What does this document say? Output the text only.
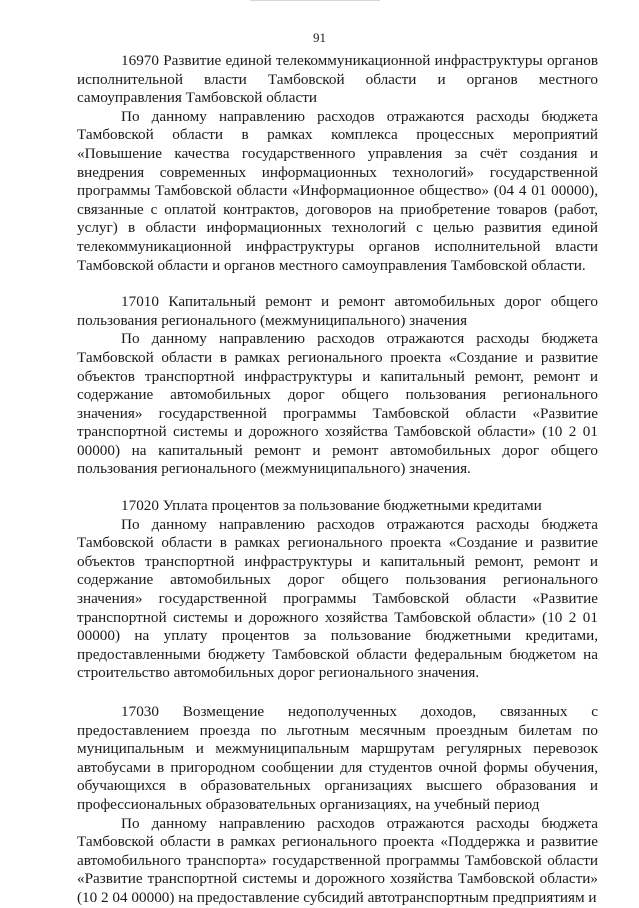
91

16970 Развитие единой телекоммуникационной инфраструктуры органов исполнительной власти Тамбовской области и органов местного самоуправления Тамбовской области

По данному направлению расходов отражаются расходы бюджета Тамбовской области в рамках комплекса процессных мероприятий «Повышение качества государственного управления за счёт создания и внедрения современных информационных технологий» государственной программы Тамбовской области «Информационное общество» (04 4 01 00000), связанные с оплатой контрактов, договоров на приобретение товаров (работ, услуг) в области информационных технологий с целью развития единой телекоммуникационной инфраструктуры органов исполнительной власти Тамбовской области и органов местного самоуправления Тамбовской области.

17010 Капитальный ремонт и ремонт автомобильных дорог общего пользования регионального (межмуниципального) значения

По данному направлению расходов отражаются расходы бюджета Тамбовской области в рамках регионального проекта «Создание и развитие объектов транспортной инфраструктуры и капитальный ремонт, ремонт и содержание автомобильных дорог общего пользования регионального значения» государственной программы Тамбовской области «Развитие транспортной системы и дорожного хозяйства Тамбовской области» (10 2 01 00000) на капитальный ремонт и ремонт автомобильных дорог общего пользования регионального (межмуниципального) значения.

17020 Уплата процентов за пользование бюджетными кредитами

По данному направлению расходов отражаются расходы бюджета Тамбовской области в рамках регионального проекта «Создание и развитие объектов транспортной инфраструктуры и капитальный ремонт, ремонт и содержание автомобильных дорог общего пользования регионального значения» государственной программы Тамбовской области «Развитие транспортной системы и дорожного хозяйства Тамбовской области» (10 2 01 00000) на уплату процентов за пользование бюджетными кредитами, предоставленными бюджету Тамбовской области федеральным бюджетом на строительство автомобильных дорог регионального значения.

17030 Возмещение недополученных доходов, связанных с предоставлением проезда по льготным месячным проездным билетам по муниципальным и межмуниципальным маршрутам регулярных перевозок автобусами в пригородном сообщении для студентов очной формы обучения, обучающихся в образовательных организациях высшего образования и профессиональных образовательных организациях, на учебный период

По данному направлению расходов отражаются расходы бюджета Тамбовской области в рамках регионального проекта «Поддержка и развитие автомобильного транспорта» государственной программы Тамбовской области «Развитие транспортной системы и дорожного хозяйства Тамбовской области» (10 2 04 00000) на предоставление субсидий автотранспортным предприятиям и
